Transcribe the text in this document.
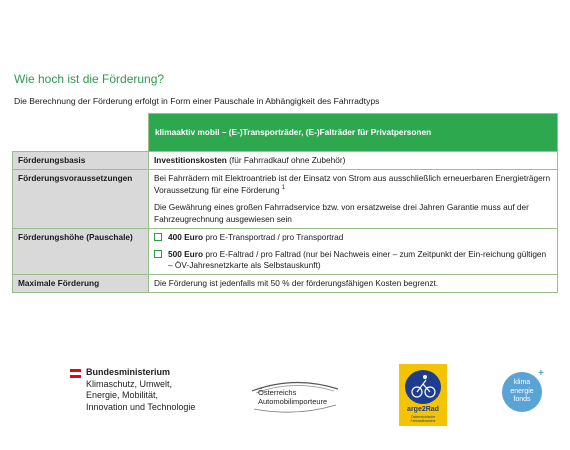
Wie hoch ist die Förderung?
Die Berechnung der Förderung erfolgt in Form einer Pauschale in Abhängigkeit des Fahrradtyps
	klimaaktiv mobil – (E-)Transporträder, (E-)Falträder für Privatpersonen
Förderungsbasis	Investitionskosten (für Fahrradkauf ohne Zubehör)
Förderungsvoraussetzungen	Bei Fahrrädern mit Elektroantrieb ist der Einsatz von Strom aus ausschließlich erneuerbaren Energieträgern Voraussetzung für eine Förderung $^1$

Die Gewährung eines großen Fahrradservice bzw. von ersatzweise drei Jahren Garantie muss auf der Fahrzeugrechnung ausgewiesen sein

Förderungshöhe (Pauschale)	400 Euro pro E-Transportrad / pro Transportrad
500 Euro pro E-Faltrad / pro Faltrad (nur bei Nachweis einer – zum Zeitpunkt der Ein-reichung gültigen – ÖV-Jahresnetzkarte als Selbstauskunft)

Maximale Förderung	Die Förderung ist jedenfalls mit 50 % der förderungsfähigen Kosten begrenzt.
Bundesministerium
Klimaschutz, Umwelt,
Energie, Mobilität,
Innovation und Technologie
Österreichs
Automobilimporteure
arge2Rad
Österreichische Fahrradbranche
klima
energie
fonds
+
